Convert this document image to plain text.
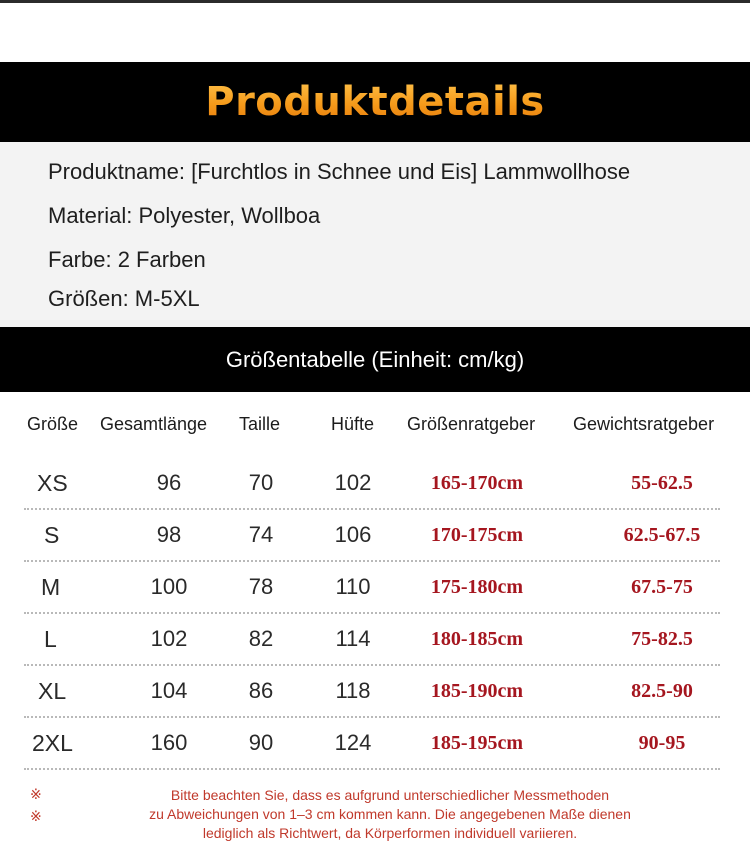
Produktdetails
Produktname: [Furchtlos in Schnee und Eis] Lammwollhose
Material: Polyester, Wollboa
Farbe: 2 Farben
Größen: M-5XL
Größentabelle (Einheit: cm/kg)
Größe Gesamtlänge Taille	Hüfte Größenratgeber Gewichtsratgeber
XS	96	70	102	165-170cm	55-62.5
S	98	74	106	170-175cm	62.5-67.5
M	100	78	110	175-180cm	67.5-75
L	102	82	114	180-185cm	75-82.5
XL	104	86	118	185-190cm	82.5-90
2XL	160	90	124	185-195cm	90-95
※
※
Bitte beachten Sie, dass es aufgrund unterschiedlicher Messmethoden
zu Abweichungen von 1–3 cm kommen kann. Die angegebenen Maße dienen
lediglich als Richtwert, da Körperformen individuell variieren.
